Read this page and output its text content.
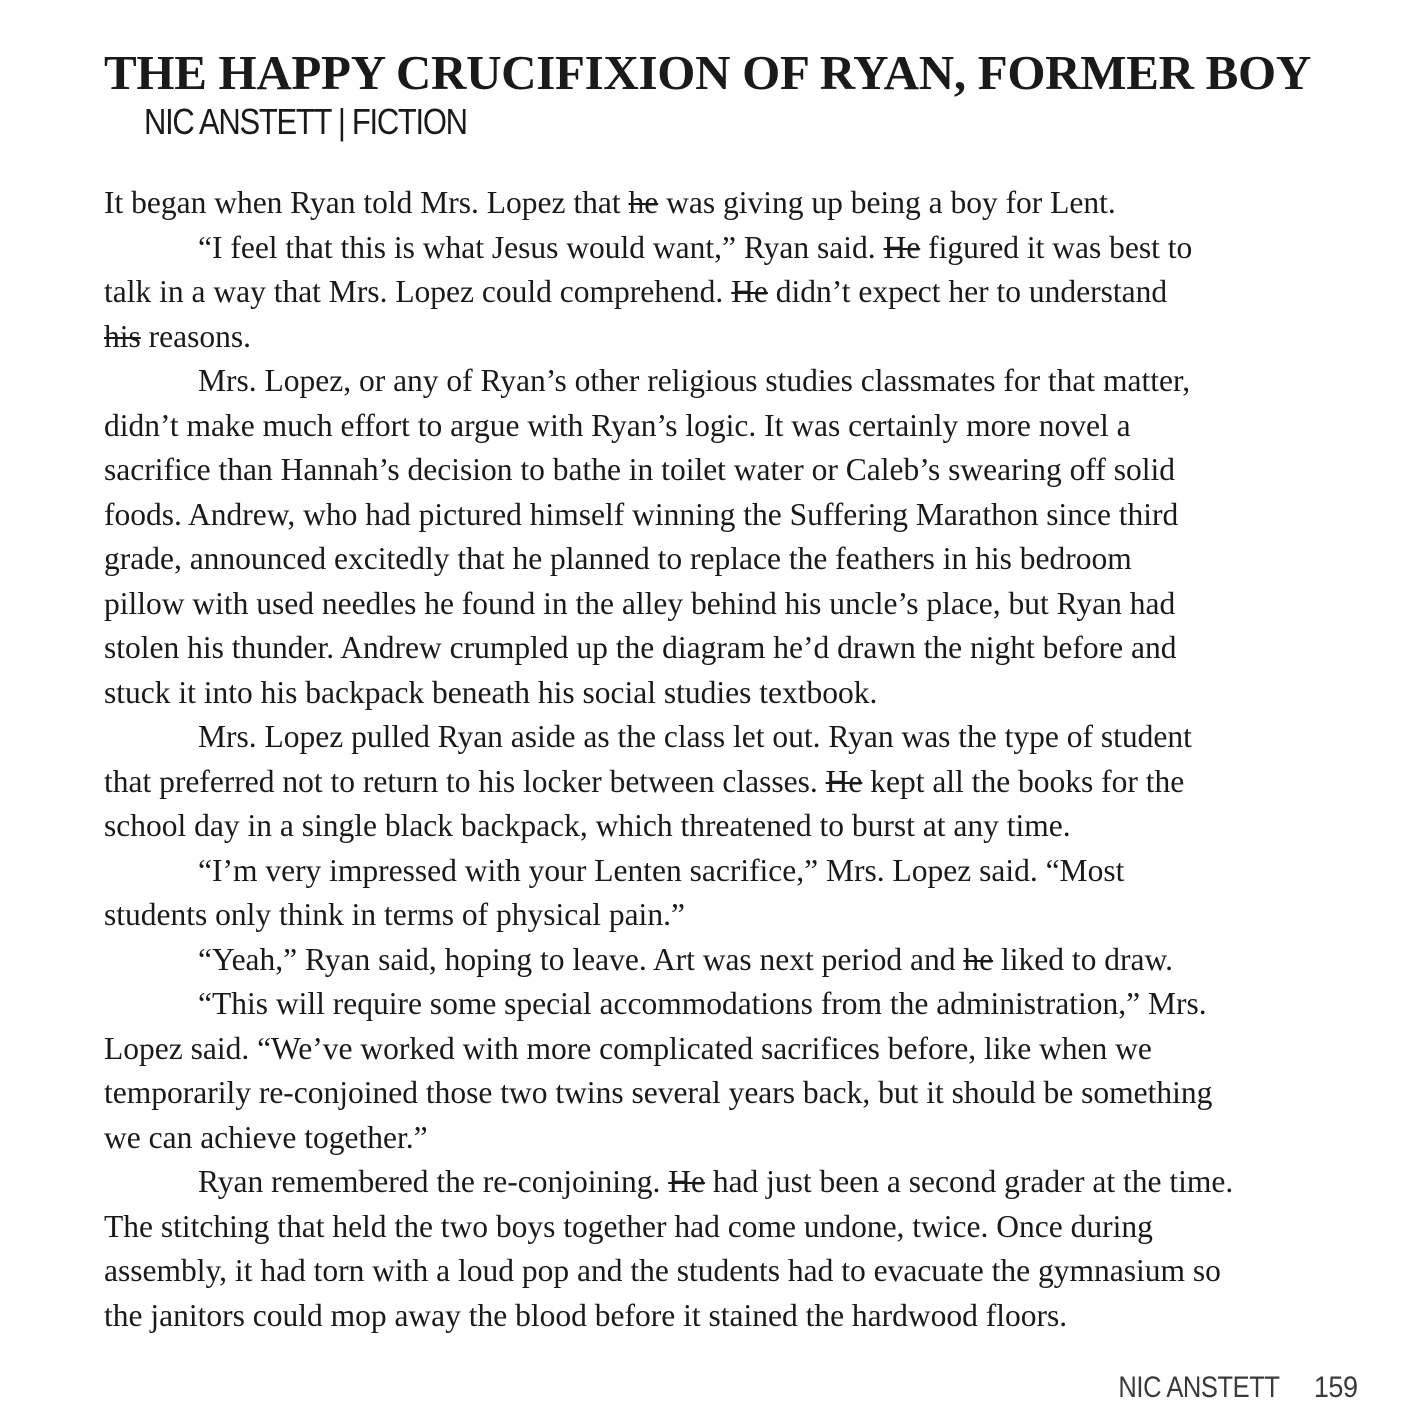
THE HAPPY CRUCIFIXION OF RYAN, FORMER BOY
NIC ANSTETT | FICTION

It began when Ryan told Mrs. Lopez that he was giving up being a boy for Lent.

“I feel that this is what Jesus would want,” Ryan said. He figured it was best to
talk in a way that Mrs. Lopez could comprehend. He didn’t expect her to understand
his reasons.

Mrs. Lopez, or any of Ryan’s other religious studies classmates for that matter,
didn’t make much effort to argue with Ryan’s logic. It was certainly more novel a
sacrifice than Hannah’s decision to bathe in toilet water or Caleb’s swearing off solid
foods. Andrew, who had pictured himself winning the Suffering Marathon since third
grade, announced excitedly that he planned to replace the feathers in his bedroom
pillow with used needles he found in the alley behind his uncle’s place, but Ryan had
stolen his thunder. Andrew crumpled up the diagram he’d drawn the night before and
stuck it into his backpack beneath his social studies textbook.

Mrs. Lopez pulled Ryan aside as the class let out. Ryan was the type of student
that preferred not to return to his locker between classes. He kept all the books for the
school day in a single black backpack, which threatened to burst at any time.

“I’m very impressed with your Lenten sacrifice,” Mrs. Lopez said. “Most
students only think in terms of physical pain.”

“Yeah,” Ryan said, hoping to leave. Art was next period and he liked to draw.

“This will require some special accommodations from the administration,” Mrs.
Lopez said. “We’ve worked with more complicated sacrifices before, like when we
temporarily re-conjoined those two twins several years back, but it should be something
we can achieve together.”

Ryan remembered the re-conjoining. He had just been a second grader at the time.
The stitching that held the two boys together had come undone, twice. Once during
assembly, it had torn with a loud pop and the students had to evacuate the gymnasium so
the janitors could mop away the blood before it stained the hardwood floors.

NIC ANSTETT 159
